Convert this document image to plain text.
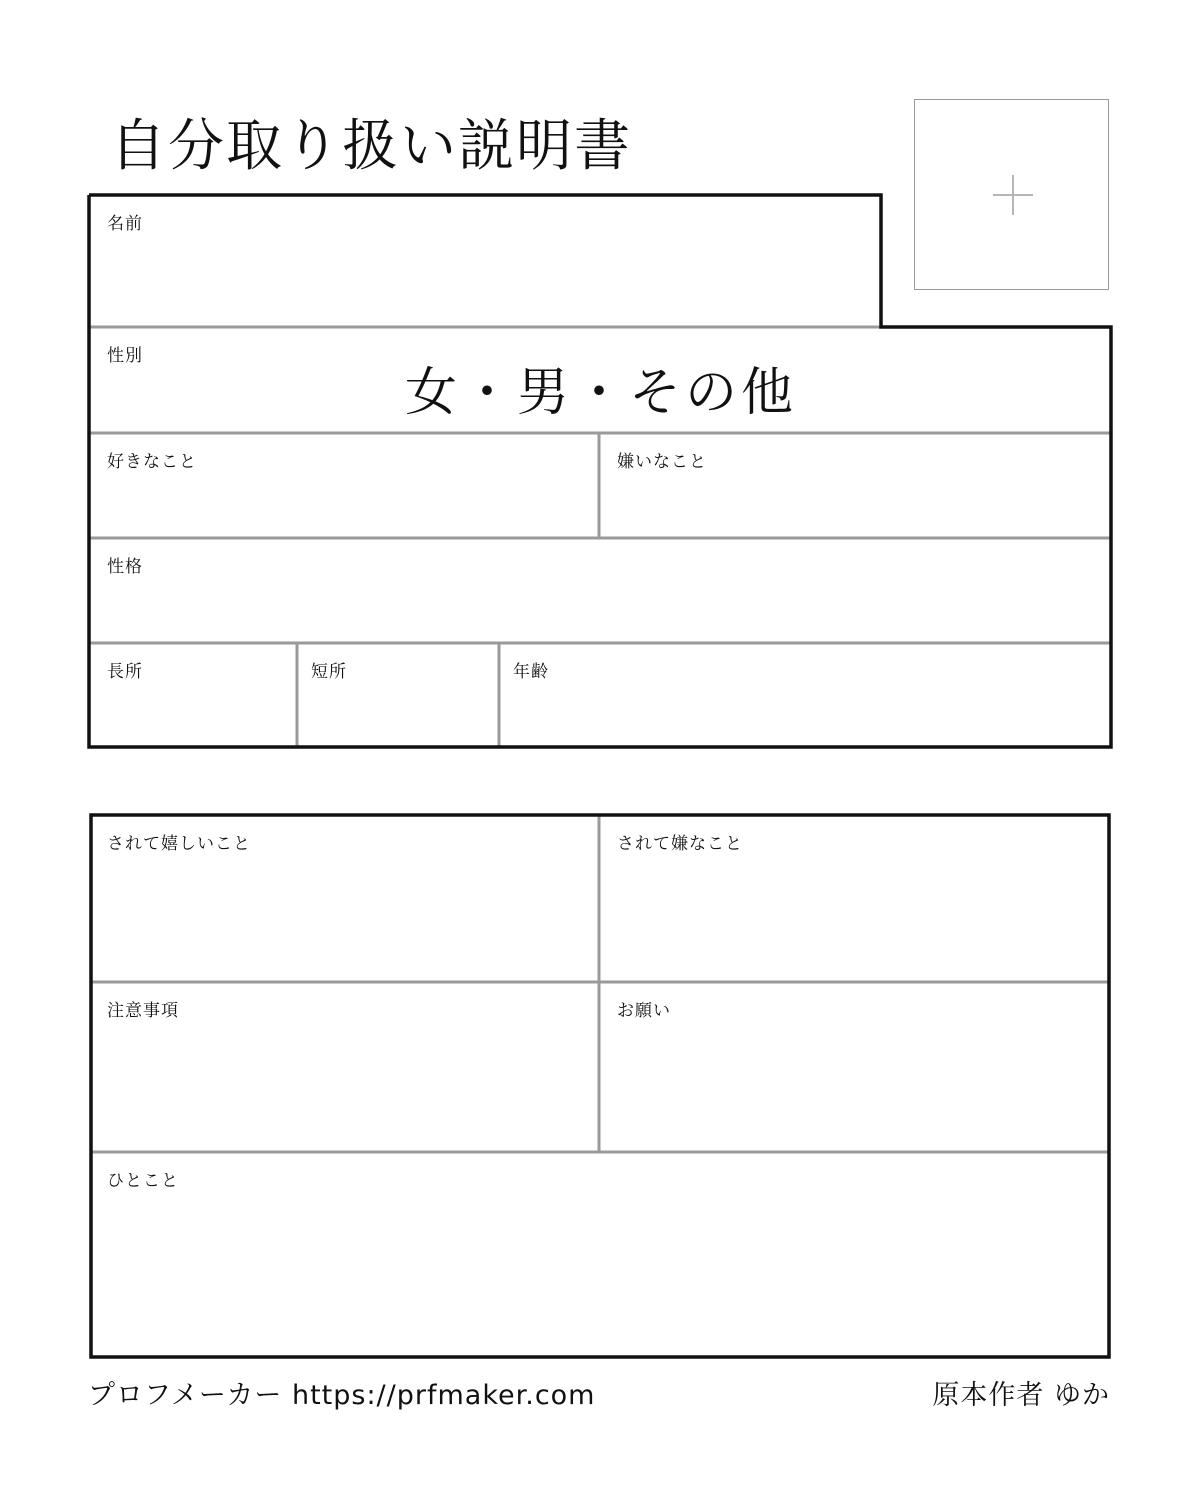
自分取り扱い説明書
名前
性別
女・男・その他
好きなこと	嫌いなこと
性格
長所	短所	年齢
されて嬉しいこと	されて嫌なこと
注意事項	お願い
ひとこと
プロフメーカー https://prfmaker.com	原本作者 ゆか
